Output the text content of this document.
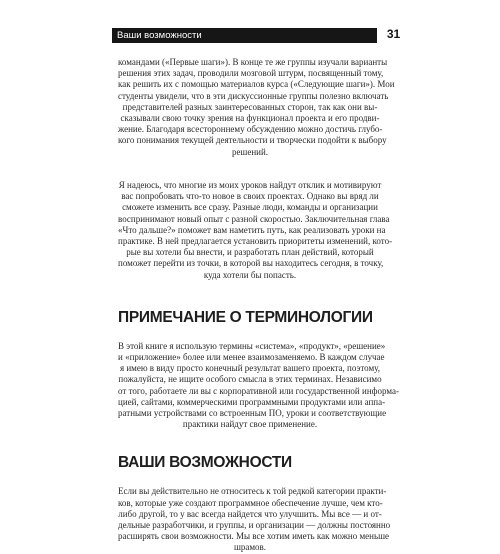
Ваши возможности	31

командами («Первые шаги»). В конце те же группы изучали варианты
решения этих задач, проводили мозговой штурм, посвященный тому,
как решить их с помощью материалов курса («Следующие шаги»). Мои
студенты увидели, что в эти дискуссионные группы полезно включать
представителей разных заинтересованных сторон, так как они вы-
сказывали свою точку зрения на функционал проекта и его продви-
жение. Благодаря всестороннему обсуждению можно достичь глубо-
кого понимания текущей деятельности и творчески подойти к выбору
решений.

Я надеюсь, что многие из моих уроков найдут отклик и мотивируют
вас попробовать что-то новое в своих проектах. Однако вы вряд ли
сможете изменить все сразу. Разные люди, команды и организации
воспринимают новый опыт с разной скоростью. Заключительная глава
«Что дальше?» поможет вам наметить путь, как реализовать уроки на
практике. В ней предлагается установить приоритеты изменений, кото-
рые вы хотели бы внести, и разработать план действий, который
поможет перейти из точки, в которой вы находитесь сегодня, в точку,
куда хотели бы попасть.

ПРИМЕЧАНИЕ О ТЕРМИНОЛОГИИ

В этой книге я использую термины «система», «продукт», «решение»
и «приложение» более или менее взаимозаменяемо. В каждом случае
я имею в виду просто конечный результат вашего проекта, поэтому,
пожалуйста, не ищите особого смысла в этих терминах. Независимо
от того, работаете ли вы с корпоративной или государственной информа-
цией, сайтами, коммерческими программными продуктами или аппа-
ратными устройствами со встроенным ПО, уроки и соответствующие
практики найдут свое применение.

ВАШИ ВОЗМОЖНОСТИ

Если вы действительно не относитесь к той редкой категории практи-
ков, которые уже создают программное обеспечение лучше, чем кто-
либо другой, то у вас всегда найдется что улучшить. Мы все — и от-
дельные разработчики, и группы, и организации — должны постоянно
расширять свои возможности. Мы все хотим иметь как можно меньше
шрамов.
